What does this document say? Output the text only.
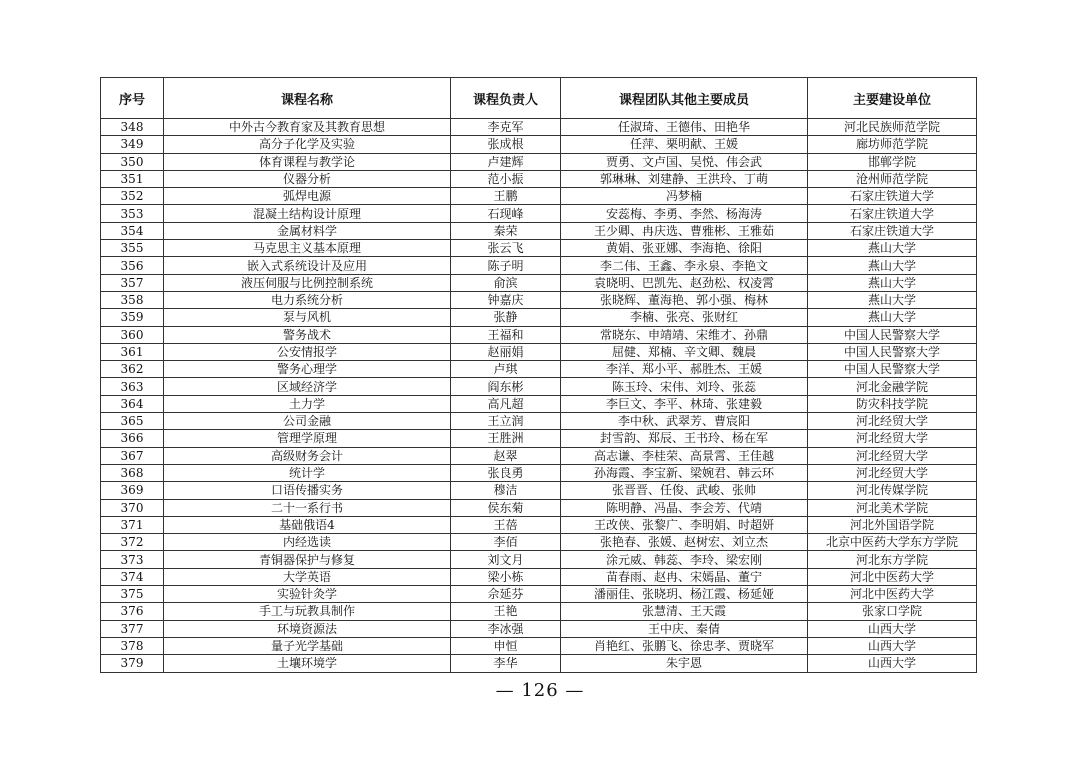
序号	课程名称	课程负责人	课程团队其他主要成员	主要建设单位
348	中外古今教育家及其教育思想	李克军	任淑琦、王德伟、田艳华	河北民族师范学院
349	高分子化学及实验	张成根	任萍、栗明献、王媛	廊坊师范学院
350	体育课程与教学论	卢建辉	贾勇、文卢国、吴悦、伟会武	邯郸学院
351	仪器分析	范小振	郭琳琳、刘建静、王洪玲、丁萌	沧州师范学院
352	弧焊电源	王鹏	冯梦楠	石家庄铁道大学
353	混凝土结构设计原理	石现峰	安蕊梅、李勇、李然、杨海涛	石家庄铁道大学
354	金属材料学	秦荣	王少卿、冉庆选、曹雅彬、王雅茹	石家庄铁道大学
355	马克思主义基本原理	张云飞	黄娟、张亚娜、李海艳、徐阳	燕山大学
356	嵌入式系统设计及应用	陈子明	李二伟、王鑫、李永泉、李艳文	燕山大学
357	液压伺服与比例控制系统	俞滨	袁晓明、巴凯先、赵劲松、权凌霄	燕山大学
358	电力系统分析	钟嘉庆	张晓辉、董海艳、郭小强、梅林	燕山大学
359	泵与风机	张静	李楠、张亮、张财红	燕山大学
360	警务战术	王福和	常晓东、申靖靖、宋维才、孙鼎	中国人民警察大学
361	公安情报学	赵丽娟	屈健、郑楠、辛文卿、魏晨	中国人民警察大学
362	警务心理学	卢琪	李洋、郑小平、郝胜杰、王媛	中国人民警察大学
363	区域经济学	阎东彬	陈玉玲、宋伟、刘玲、张蕊	河北金融学院
364	土力学	高凡超	李巨文、李平、林琦、张建毅	防灾科技学院
365	公司金融	王立润	李中秋、武翠芳、曹宸阳	河北经贸大学
366	管理学原理	王胜洲	封雪韵、郑辰、王书玲、杨在军	河北经贸大学
367	高级财务会计	赵翠	高志谦、李桂荣、高景霄、王佳越	河北经贸大学
368	统计学	张良勇	孙海霞、李宝新、梁婉君、韩云环	河北经贸大学
369	口语传播实务	穆洁	张晋晋、任俊、武峻、张帅	河北传媒学院
370	二十一系行书	侯东菊	陈明静、冯晶、李会芳、代靖	河北美术学院
371	基础俄语4	王蓓	王改侠、张黎广、李明娟、时超妍	河北外国语学院
372	内经选读	李佰	张艳春、张媛、赵树宏、刘立杰	北京中医药大学东方学院
373	青铜器保护与修复	刘文月	涂元威、韩蕊、李玲、梁宏刚	河北东方学院
374	大学英语	梁小栋	苗春雨、赵冉、宋嫣晶、董宁	河北中医药大学
375	实验针灸学	佘延芬	潘丽佳、张晓玥、杨江霞、杨延娅	河北中医药大学
376	手工与玩教具制作	王艳	张慧清、王天霞	张家口学院
377	环境资源法	李冰强	王中庆、秦倩	山西大学
378	量子光学基础	申恒	肖艳红、张鹏飞、徐忠孝、贾晓军	山西大学
379	土壤环境学	李华	朱宇恩	山西大学
— 126 —
